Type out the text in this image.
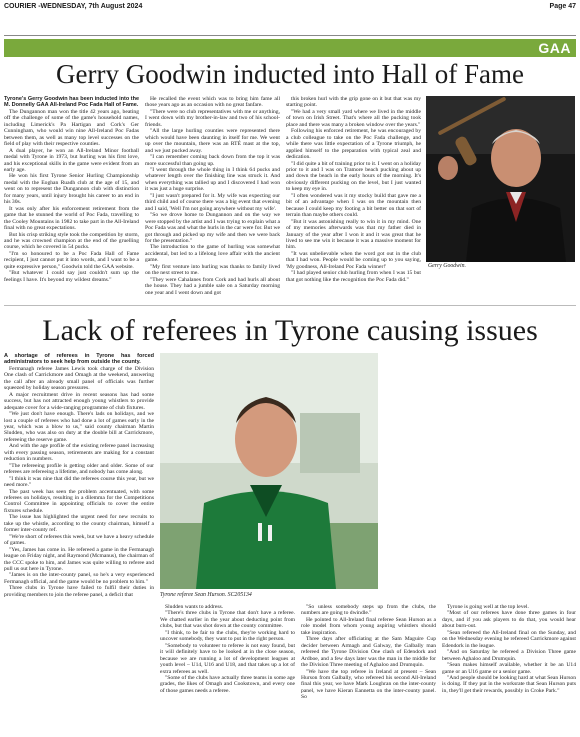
COURIER -WEDNESDAY, 7th August 2024	Page 47
GAA
Gerry Goodwin inducted into Hall of Fame

Tyrone's Gerry Goodwin has been inducted into the M. Donnelly GAA All-Ireland Poc Fada Hall of Fame.

The Dungannon man won the title 42 years ago, beating off the challenge of some of the game's household names, including Limerick's Pa Hartigan and Cork's Ger Cunningham, who would win nine All-Ireland Poc Fadas between them, as well as many top level successes on the field of play with their respective counties.

A dual player, he won an All-Ireland Minor football medal with Tyrone in 1973, but hurling was his first love, and his exceptional skills in the game were evident from an early age.

He won his first Tyrone Senior Hurling Championship medal with the Eoghan Ruadh club at the age of 15, and went on to represent the Dungannon club with distinction for many years, until injury brought his career to an end in his 30s.

It was only after his enforcement retirement from the game that he stunned the world of Poc Fada, travelling to the Cooley Mountains in 1982 to take part in the All-Ireland final with no great expectations.

But his crisp striking style took the competition by storm, and he was crowned champion at the end of the gruelling course, which he covered in 54 pucks.

"I'm so honoured to be a Poc Fada Hall of Fame recipient, I just cannot put it into words, and I want to be a quite expressive person," Goodwin told the GAA website.

"But whatever I could say just couldn't sum up the feelings I have. It's beyond my wildest dreams."

He recalled the event which was to bring him fame all those years ago as an occasion with no great fanfare.

"There were no club representatives with me or anything, I went down with my brother-in-law and two of his school-friends.

"All the large hurling counties were represented there which would have been daunting in itself for me. We went up over the mountain, there was an RTÉ mast at the top, and we just pucked away.

"I can remember coming back down from the top it was more successful than going up.

"I went through the whole thing in I think 64 pucks and whatever length over the finishing line was struck it. And when everything was tallied up and I discovered I had won it was just a huge surprise.

"I just wasn't prepared for it. My wife was expecting our third child and of course there was a big event that evening and I said, 'Well I'm not going anywhere without my wife'.

"So we drove home to Dungannon and on the way we were stopped by the artist and I was trying to explain what a Poc Fada was and what the hurls in the car were for. But we got through and picked up my wife and then we were back for the presentation."

The introduction to the game of hurling was somewhat accidental, but led to a lifelong love affair with the ancient game.

"My first venture into hurling was thanks to family lived on the next street to me.

"They were Cahalanes from Cork and had hurls all about the house. They had a jumble sale on a Saturday morning one year and I went down and got

this broken hurl with the grip gone on it but that was my starting point.

"We had a very small yard where we lived in the middle of town on Irish Street. That's where all the pucking took place and there was many a broken window over the years."

Following his enforced retirement, he was encouraged by a club colleague to take on the Poc Fada challenge, and while there was little expectation of a Tyrone triumph, he applied himself to the preparation with typical zeal and dedication.

"I did quite a bit of training prior to it. I went on a holiday prior to it and I was on Tramore beach pucking about up and down the beach in the early hours of the morning. It's obviously different pucking on the level, but I just wanted to keep my eye in.

"I often wondered was it my stocky build that gave me a bit of an advantage when I was on the mountain then because I could keep my footing a bit better on that sort of terrain than maybe others could.

"But it was astonishing really to win it in my mind. One of my memories afterwards was that my father died in January of the year after I won it and it was great that he lived to see me win it because it was a massive moment for him.

"It was unbelievable when the word got out in the club that I had won. People would be coming up to you saying, 'My goodness, All-Ireland Poc Fada winner!'

"I had played senior club hurling from when I was 15 but that got nothing like the recognition the Poc Fada did."

Gerry Goodwin.
Lack of referees in Tyrone causing issues

A shortage of referees in Tyrone has forced administrators to seek help from outside the county.

Fermanagh referee James Lewis took charge of the Division One clash of Carrickmore and Omagh at the weekend, answering the call after an already small panel of officials was further squeezed by holiday season pressures.

A major recruitment drive in recent seasons has had some success, but has not attracted enough young whistlers to provide adequate cover for a wide-ranging programme of club fixtures.

"We just don't have enough. There's lads on holidays, and we lost a couple of referees who had done a lot of games early in the year, which was a blow to us," said county chairman Martin Sludden, who was also on duty at the double bill at Carrickmore, refereeing the reserve game.

And with the age profile of the existing referee panel increasing with every passing season, retirements are making for a constant reduction in numbers.

"The refereeing profile is getting older and older. Some of our referees are refereeing a lifetime, and nobody has come along.

"I think it was nine that did the referees course this year, but we need more."

The past week has seen the problem accentuated, with some referees on holidays, resulting in a dilemma for the Competitions Control Committee in appointing officials to cover the entire fixtures schedule.

The issue has highlighted the urgent need for new recruits to take up the whistle, according to the county chairman, himself a former inter-county ref.

"We're short of referees this week, but we have a heavy schedule of games.

"Yes, James has come in. He refereed a game in the Fermanagh league on Friday night, and Raymond (Mcmanus), the chairman of the CCC spoke to him, and James was quite willing to referee and pull us out here in Tyrone.

"James is on the inter-county panel, so he's a very experienced Fermanagh official, and the game would be no problem to him."

Three clubs in Tyrone have failed to fulfil their duties in providing members to join the referee panel, a deficit that	Tyrone referee Sean Hurson. SC205134

Sludden wants to address.

"There's three clubs in Tyrone that don't have a referee. We chatted earlier in the year about deducting point from clubs, but that was shot down at the county committee.

"I think, to be fair to the clubs, they're working hard to uncover somebody, they want to put in the right person.

"Somebody to volunteer to referee is not easy found, but it will definitely have to be looked at in the close season, because we are running a lot of development leagues at youth level – U14, U16 and U18, and that takes up a lot of extra referees as well.

"Some of the clubs have actually three teams in some age grades, the likes of Omagh and Cookstown, and every one of those games needs a referee.

"So unless somebody steps up from the clubs, the numbers are going to dwindle."

He pointed to All-Ireland final referee Sean Hurson as a role model from whom young aspiring whistlers should take inspiration.

Three days after officiating at the Sam Maguire Cup decider between Armagh and Galway, the Galbally man refereed the Tyrone Division One clash of Edendork and Ardboe, and a few days later was the man in the middle for the Division Three meeting of Aghaloo and Drumquin.

"We have the top referee in Ireland at present – Sean Hurson from Galbally, who refereed his second All-Ireland final this year, we have Mark Loughran on the inter-county panel, we have Kieran Eannetta on the inter-county panel. So

Tyrone is going well at the top level.

"Most of our referees have done three games in four days, and if you ask players to do that, you would hear about burn-out.

"Sean refereed the All-Ireland final on the Sunday, and on the Wednesday evening he refereed Carrickmore against Edendork in the league.

"And on Saturday he refereed a Division Three game between Aghaloo and Drumquin.

"Sean makes himself available, whether it be an U14 game or an U16 game or a senior game.

"And people should be looking hard at what Sean Hurson is doing. If they put in the worksrate that Sean Hurson puts in, they'll get their rewards, possibly in Croke Park."
